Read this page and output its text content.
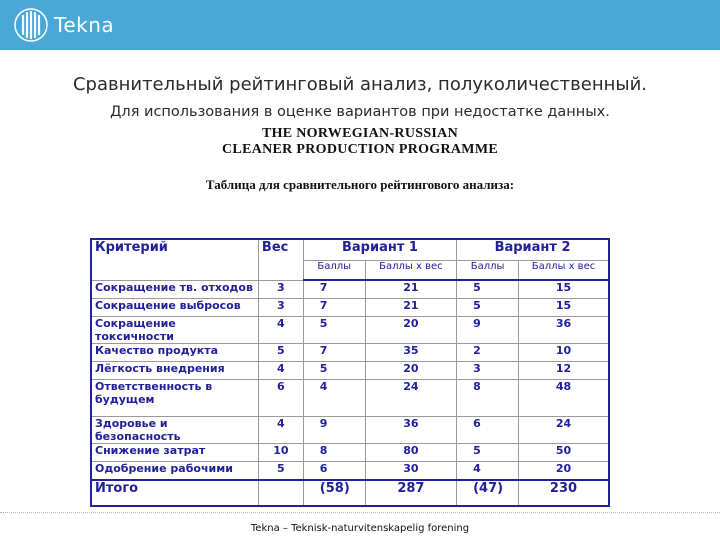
Tekna
Сравнительный рейтинговый анализ, полуколичественный.
Для использования в оценке вариантов при недостатке данных.
THE NORWEGIAN-RUSSIAN
CLEANER PRODUCTION PROGRAMME
Таблица для сравнительного рейтингового анализа:
Критерий	Вес	Вариант 1		Вариант 2	
		Баллы	Баллы х вес	Баллы	Баллы х вес
Сокращение тв. отходов	3	7	21	5	15
Сокращение выбросов	3	7	21	5	15
Сокращение токсичности	4	5	20	9	36
Качество продукта	5	7	35	2	10
Лёгкость внедрения	4	5	20	3	12
Ответственность в будущем	6	4	24	8	48
Здоровье и безопасность	4	9	36	6	24
Снижение затрат	10	8	80	5	50
Одобрение рабочими	5	6	30	4	20
Итого		(58)	287	(47)	230
Tekna – Teknisk-naturvitenskapelig forening
